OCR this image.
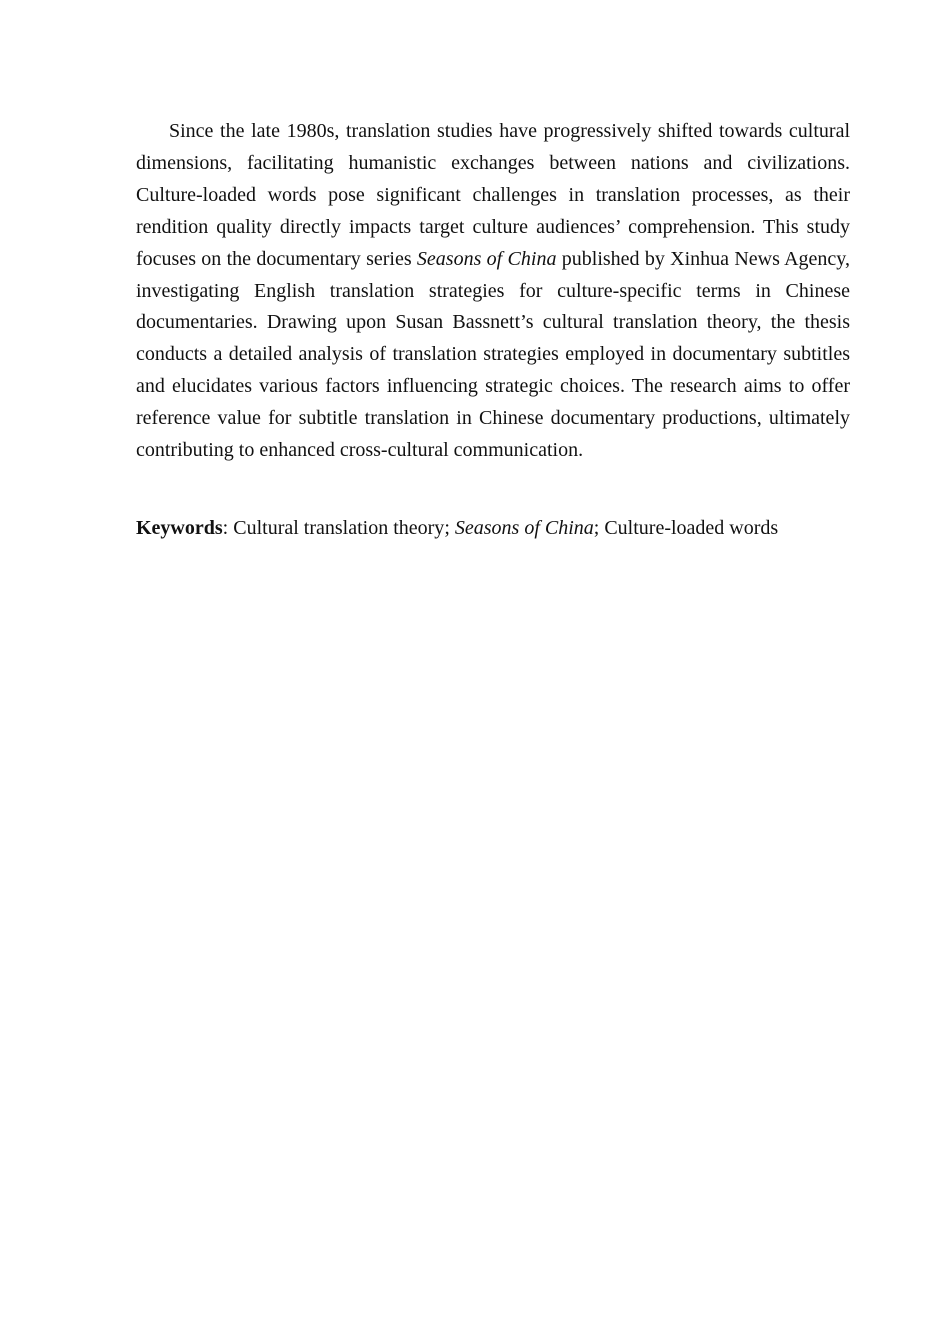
Since the late 1980s, translation studies have progressively shifted towards cultural dimensions, facilitating humanistic exchanges between nations and civilizations. Culture-loaded words pose significant challenges in translation processes, as their rendition quality directly impacts target culture audiences’ comprehension. This study focuses on the documentary series Seasons of China published by Xinhua News Agency, investigating English translation strategies for culture-specific terms in Chinese documentaries. Drawing upon Susan Bassnett’s cultural translation theory, the thesis conducts a detailed analysis of translation strategies employed in documentary subtitles and elucidates various factors influencing strategic choices. The research aims to offer reference value for subtitle translation in Chinese documentary productions, ultimately contributing to enhanced cross-cultural communication.

Keywords: Cultural translation theory; Seasons of China; Culture-loaded words
